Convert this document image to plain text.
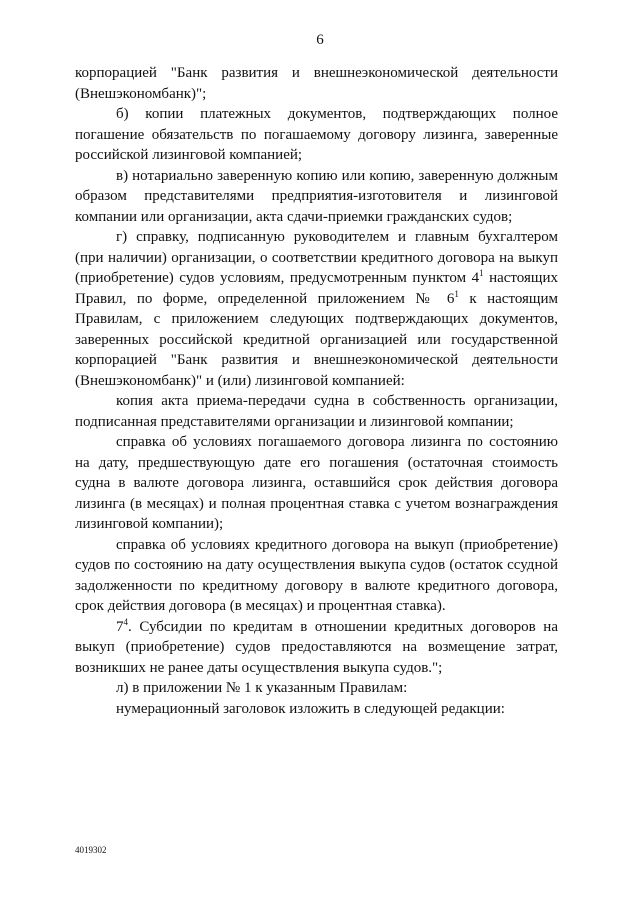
6

корпорацией "Банк развития и внешнеэкономической деятельности (Внешэкономбанк)";

б) копии платежных документов, подтверждающих полное погашение обязательств по погашаемому договору лизинга, заверенные российской лизинговой компанией;

в) нотариально заверенную копию или копию, заверенную должным образом представителями предприятия-изготовителя и лизинговой компании или организации, акта сдачи-приемки гражданских судов;

г) справку, подписанную руководителем и главным бухгалтером (при наличии) организации, о соответствии кредитного договора на выкуп (приобретение) судов условиям, предусмотренным пунктом $4^1$ настоящих Правил, по форме, определенной приложением № $6^1$ к настоящим Правилам, с приложением следующих подтверждающих документов, заверенных российской кредитной организацией или государственной корпорацией "Банк развития и внешнеэкономической деятельности (Внешэкономбанк)" и (или) лизинговой компанией:

копия акта приема-передачи судна в собственность организации, подписанная представителями организации и лизинговой компании;

справка об условиях погашаемого договора лизинга по состоянию на дату, предшествующую дате его погашения (остаточная стоимость судна в валюте договора лизинга, оставшийся срок действия договора лизинга (в месяцах) и полная процентная ставка с учетом вознаграждения лизинговой компании);

справка об условиях кредитного договора на выкуп (приобретение) судов по состоянию на дату осуществления выкупа судов (остаток ссудной задолженности по кредитному договору в валюте кредитного договора, срок действия договора (в месяцах) и процентная ставка).

$7^4$. Субсидии по кредитам в отношении кредитных договоров на выкуп (приобретение) судов предоставляются на возмещение затрат, возникших не ранее даты осуществления выкупа судов.";

л) в приложении № 1 к указанным Правилам:

нумерационный заголовок изложить в следующей редакции:

4019302
